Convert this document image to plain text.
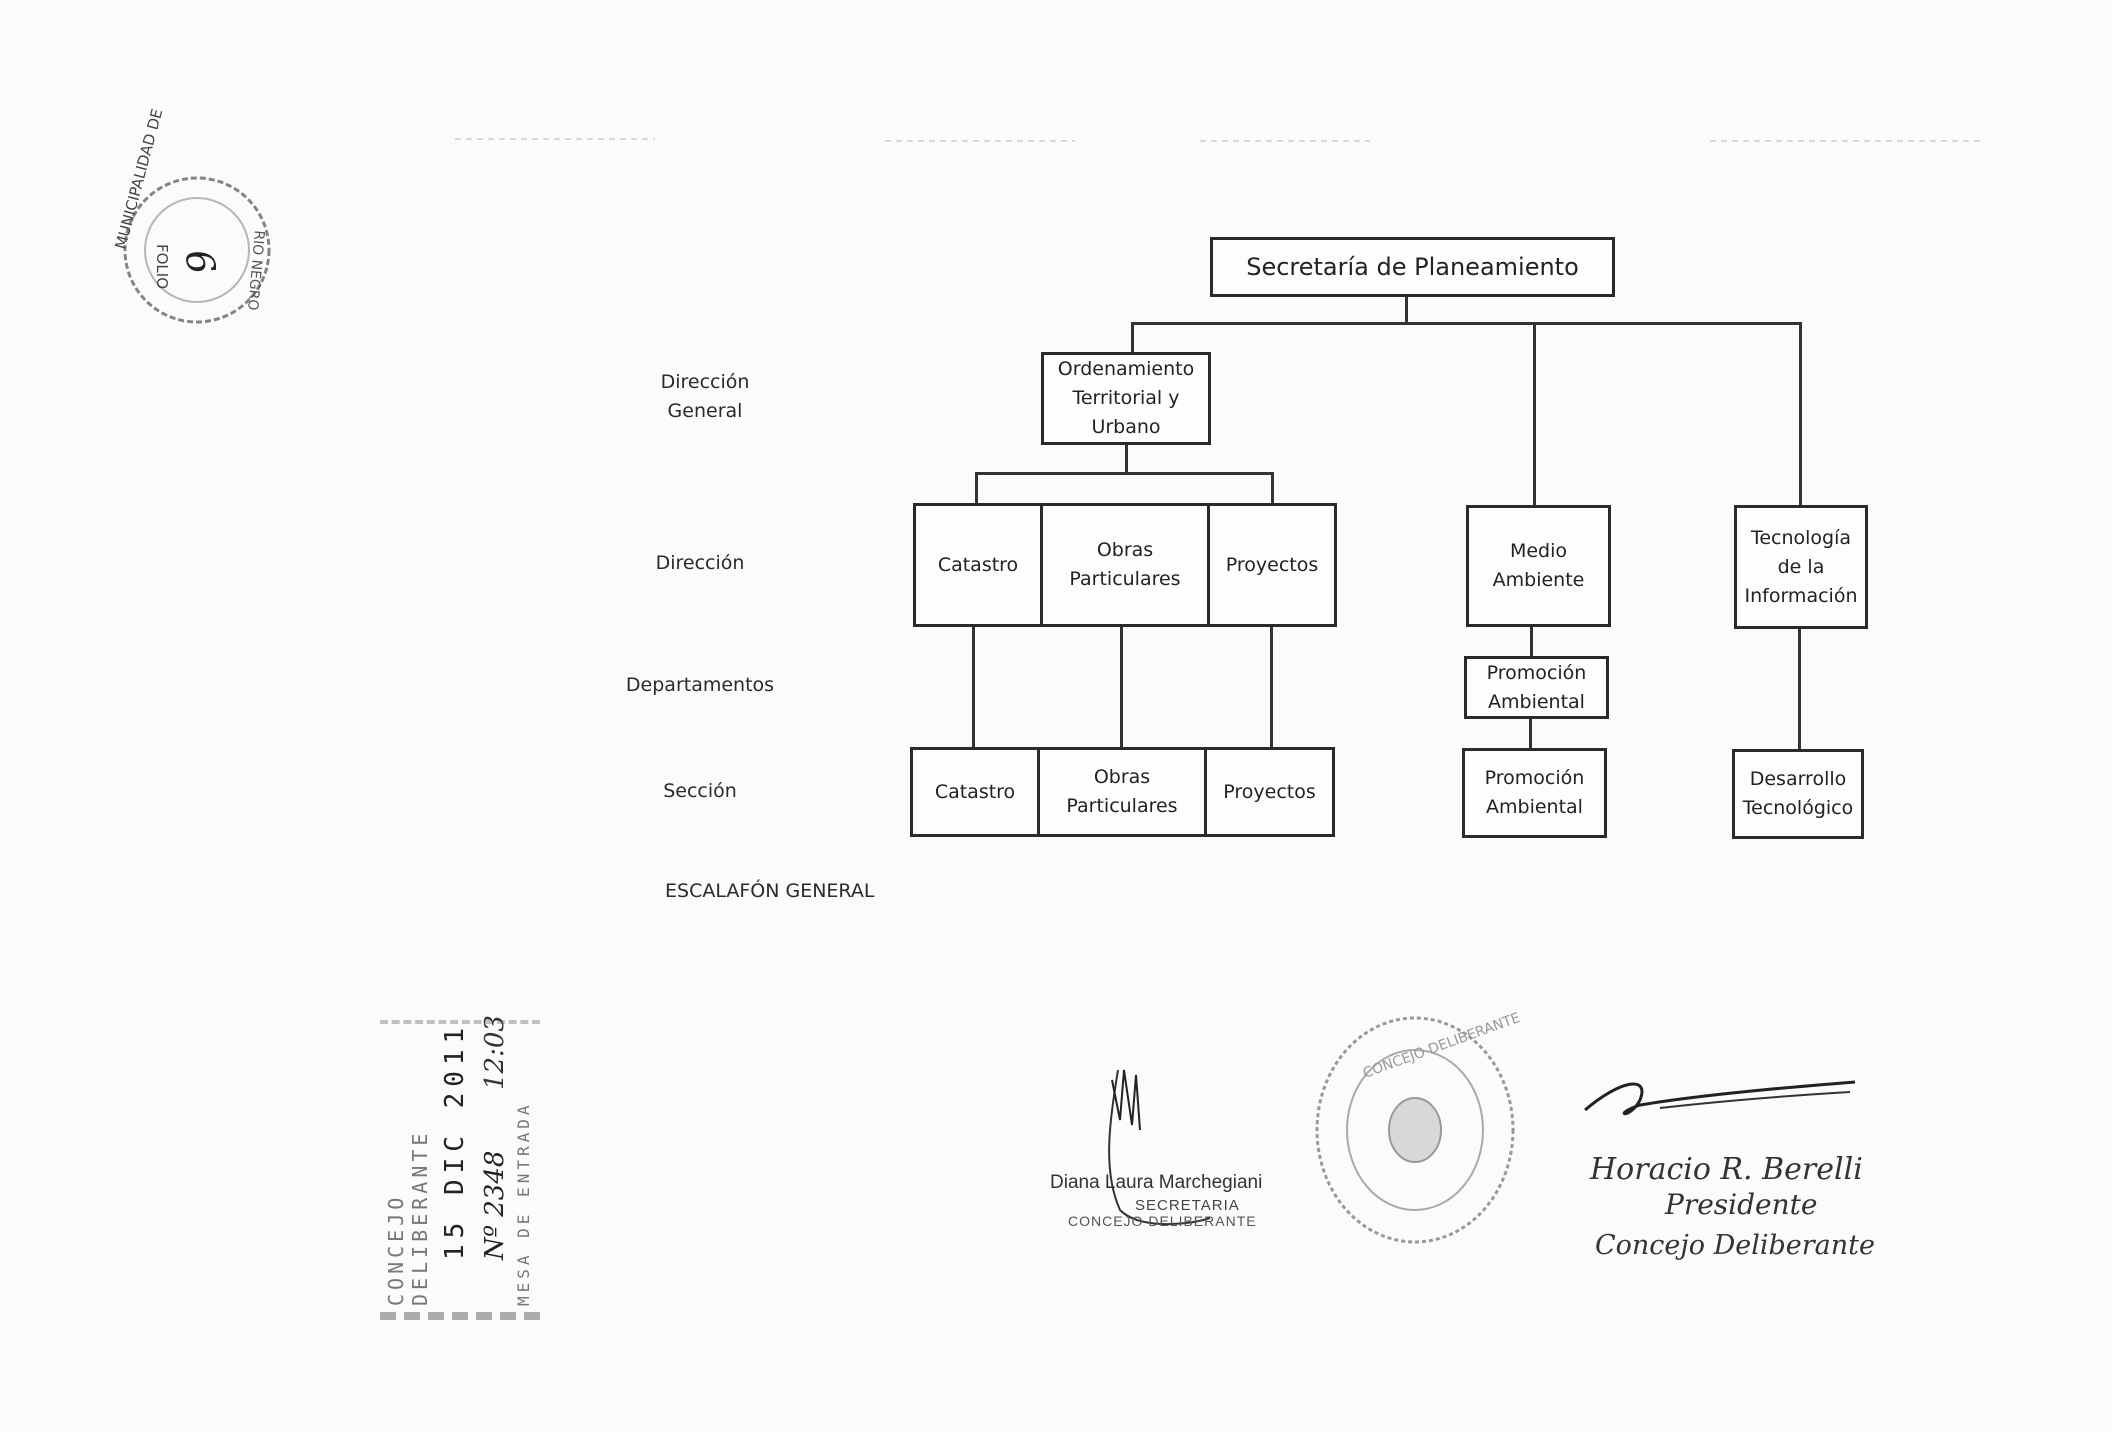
MUNICIPALIDAD DE
FOLIO 6 RIO NEGRO
Dirección
General
Dirección
Departamentos
Sección
ESCALAFÓN GENERAL
Secretaría de Planeamiento
Ordenamiento
Territorial y
Urbano
Catastro
Obras
Particulares
Proyectos
Medio
Ambiente
Tecnología
de la
Información
Promoción
Ambiental
Catastro
Obras
Particulares
Proyectos
Promoción
Ambiental
Desarrollo
Tecnológico
15 DIC 2011 Nº 2348
12:03
CONCEJO DELIBERANTE	MESA DE ENTRADA	Diana Laura Marchegiani
SECRETARIA
CONCEJO DELIBERANTE
CONCEJO DELIBERANTE
Horacio R. Berelli
Presidente
Concejo Deliberante
